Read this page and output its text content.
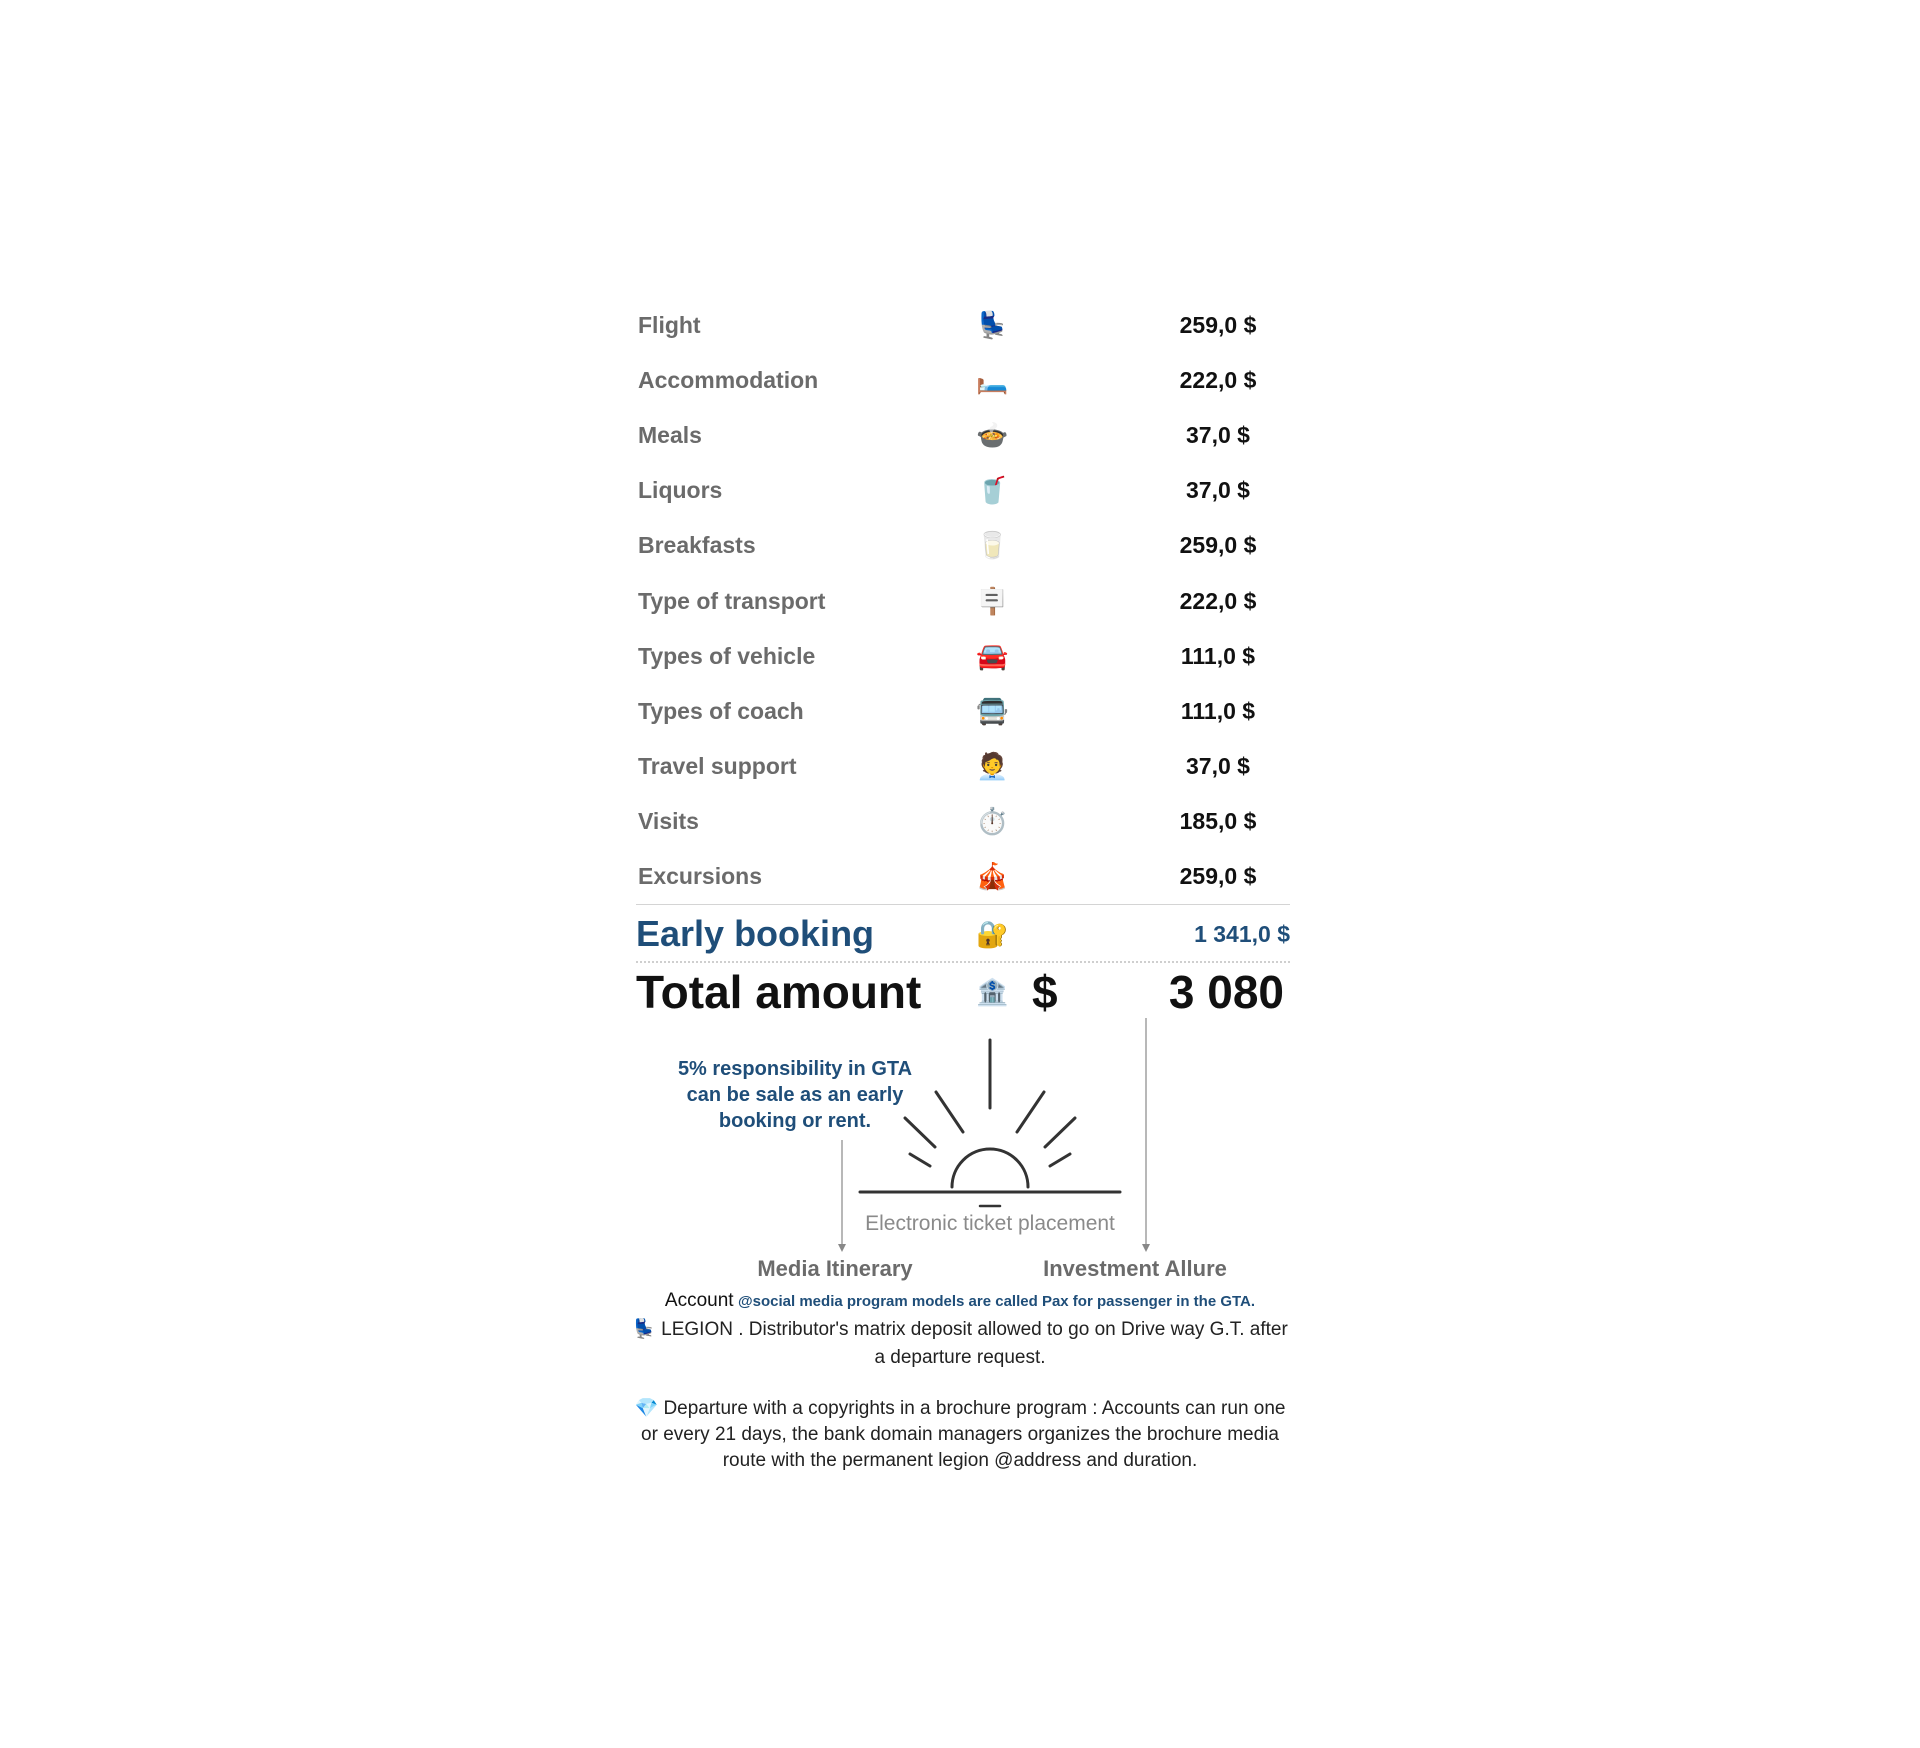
Flight	💺	259,0 $
Accommodation	🛏️	222,0 $
Meals	🍲	37,0 $
Liquors	🥤	37,0 $
Breakfasts	🥛	259,0 $
Type of transport	🪧	222,0 $
Types of vehicle	🚘	111,0 $
Types of coach	🚍	111,0 $
Travel support	🧑‍💼	37,0 $
Visits	⏱️	185,0 $
Excursions	🎪	259,0 $
Early booking	🔐	1 341,0 $
Total amount 🏦 $ 3 080
5% responsibility in GTA can be sale as an early booking or rent.
Electronic ticket placement
Media Itinerary	Investment Allure
Account @social media program models are called Pax for passenger in the GTA.
💺 LEGION . Distributor's matrix deposit allowed to go on Drive way G.T. after a departure request.
💎 Departure with a copyrights in a brochure program : Accounts can run one or every 21 days, the bank domain managers organizes the brochure media route with the permanent legion @address and duration.
